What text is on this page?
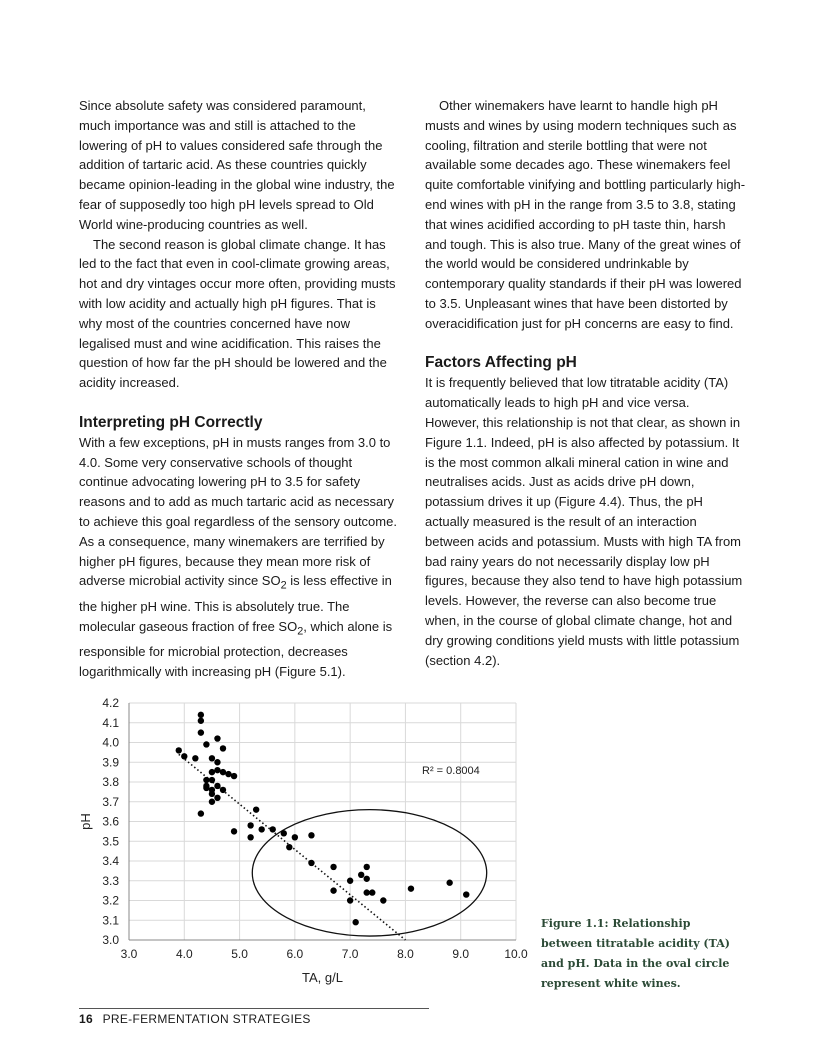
Since absolute safety was considered paramount, much importance was and still is attached to the lowering of pH to values considered safe through the addition of tartaric acid. As these countries quickly became opinion-leading in the global wine industry, the fear of supposedly too high pH levels spread to Old World wine-producing countries as well.

The second reason is global climate change. It has led to the fact that even in cool-climate growing areas, hot and dry vintages occur more often, providing musts with low acidity and actually high pH figures. That is why most of the countries concerned have now legalised must and wine acidification. This raises the question of how far the pH should be lowered and the acidity increased.

Interpreting pH Correctly

With a few exceptions, pH in musts ranges from 3.0 to 4.0. Some very conservative schools of thought continue advocating lowering pH to 3.5 for safety reasons and to add as much tartaric acid as necessary to achieve this goal regardless of the sensory outcome. As a consequence, many winemakers are terrified by higher pH figures, because they mean more risk of adverse microbial activity since $SO_2$ is less effective in the higher pH wine. This is absolutely true. The molecular gaseous fraction of free $SO_2$, which alone is responsible for microbial protection, decreases logarithmically with increasing pH (Figure 5.1).

Other winemakers have learnt to handle high pH musts and wines by using modern techniques such as cooling, filtration and sterile bottling that were not available some decades ago. These winemakers feel quite comfortable vinifying and bottling particularly high-end wines with pH in the range from 3.5 to 3.8, stating that wines acidified according to pH taste thin, harsh and tough. This is also true. Many of the great wines of the world would be considered undrinkable by contemporary quality standards if their pH was lowered to 3.5. Unpleasant wines that have been distorted by overacidification just for pH concerns are easy to find.

Factors Affecting pH

It is frequently believed that low titratable acidity (TA) automatically leads to high pH and vice versa. However, this relationship is not that clear, as shown in Figure 1.1. Indeed, pH is also affected by potassium. It is the most common alkali mineral cation in wine and neutralises acids. Just as acids drive pH down, potassium drives it up (Figure 4.4). Thus, the pH actually measured is the result of an interaction between acids and potassium. Musts with high TA from bad rainy years do not necessarily display low pH figures, because they also tend to have high potassium levels. However, the reverse can also become true when, in the course of global climate change, hot and dry growing conditions yield musts with little potassium (section 4.2).

3.0
3.1
3.2
3.3
3.4
3.5
3.6
3.7
3.8
3.9
4.0
4.1
4.2
3.0	4.0	5.0	6.0	7.0	8.0	9.0	10.0
R² = 0.8004
TA, g/L
pH
Figure 1.1: Relationship between titratable acidity (TA) and pH. Data in the oval circle represent white wines.
16 PRE-FERMENTATION STRATEGIES
